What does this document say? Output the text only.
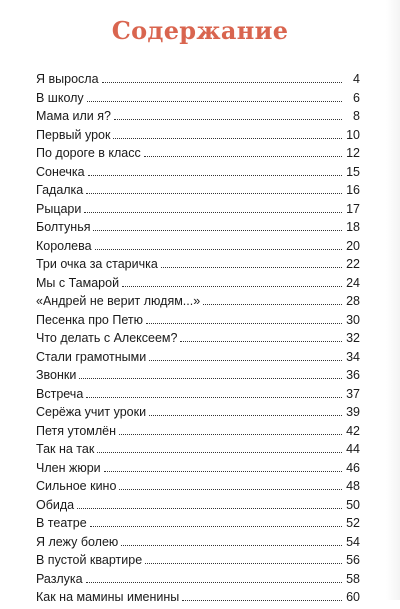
Содержание
Я выросла	4
В школу	6
Мама или я?	8
Первый урок	10
По дороге в класс	12
Сонечка	15
Гадалка	16
Рыцари	17
Болтунья	18
Королева	20
Три очка за старичка	22
Мы с Тамарой	24
«Андрей не верит людям...»	28
Песенка про Петю	30
Что делать с Алексеем?	32
Стали грамотными	34
Звонки	36
Встреча	37
Серёжа учит уроки	39
Петя утомлён	42
Так на так	44
Член жюри	46
Сильное кино	48
Обида	50
В театре	52
Я лежу болею	54
В пустой квартире	56
Разлука	58
Как на мамины именины	60
